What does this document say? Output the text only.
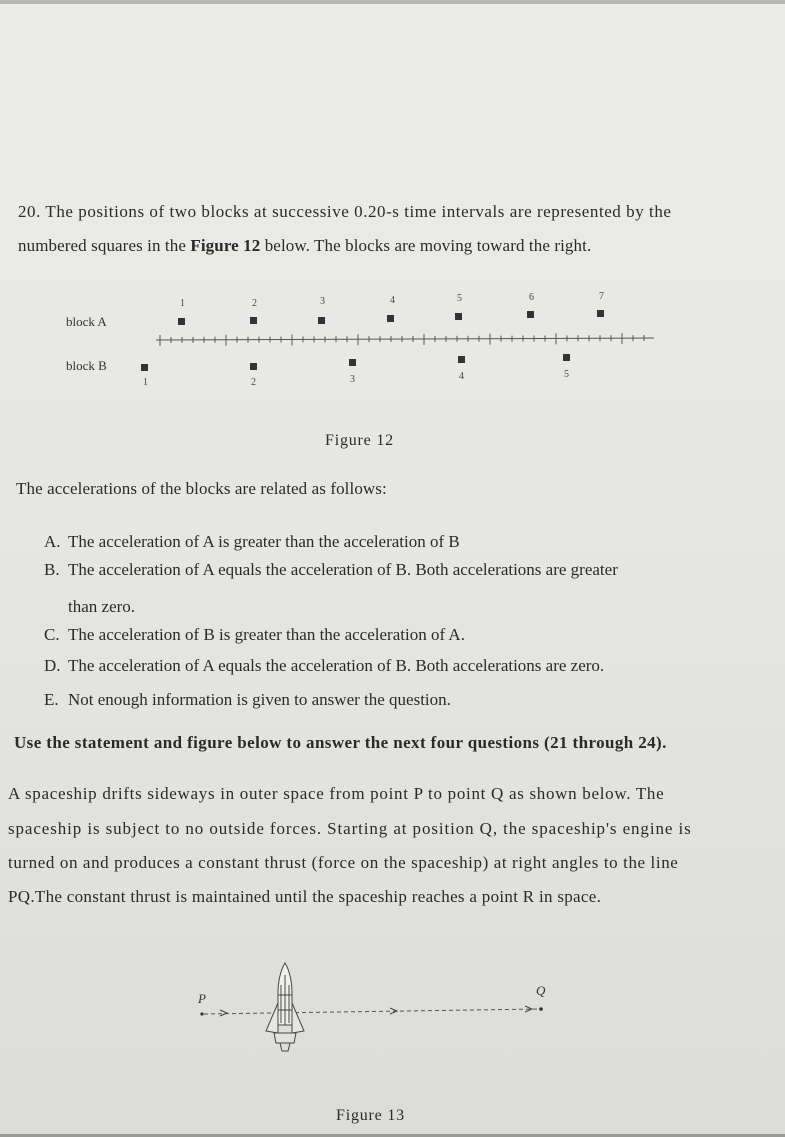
20. The positions of two blocks at successive 0.20-s time intervals are represented by the
numbered squares in the Figure 12 below. The blocks are moving toward the right.
block A
block B
1	2	3	4	5	6	7
1	2	3	4	5
Figure 12
The accelerations of the blocks are related as follows:
A. The acceleration of A is greater than the acceleration of B
B. The acceleration of A equals the acceleration of B. Both accelerations are greater
than zero.
C. The acceleration of B is greater than the acceleration of A.
D. The acceleration of A equals the acceleration of B. Both accelerations are zero.
E. Not enough information is given to answer the question.
Use the statement and figure below to answer the next four questions (21 through 24).
A spaceship drifts sideways in outer space from point P to point Q as shown below. The
spaceship is subject to no outside forces. Starting at position Q, the spaceship's engine is
turned on and produces a constant thrust (force on the spaceship) at right angles to the line
PQ.The constant thrust is maintained until the spaceship reaches a point R in space.
P
Q
Figure 13
